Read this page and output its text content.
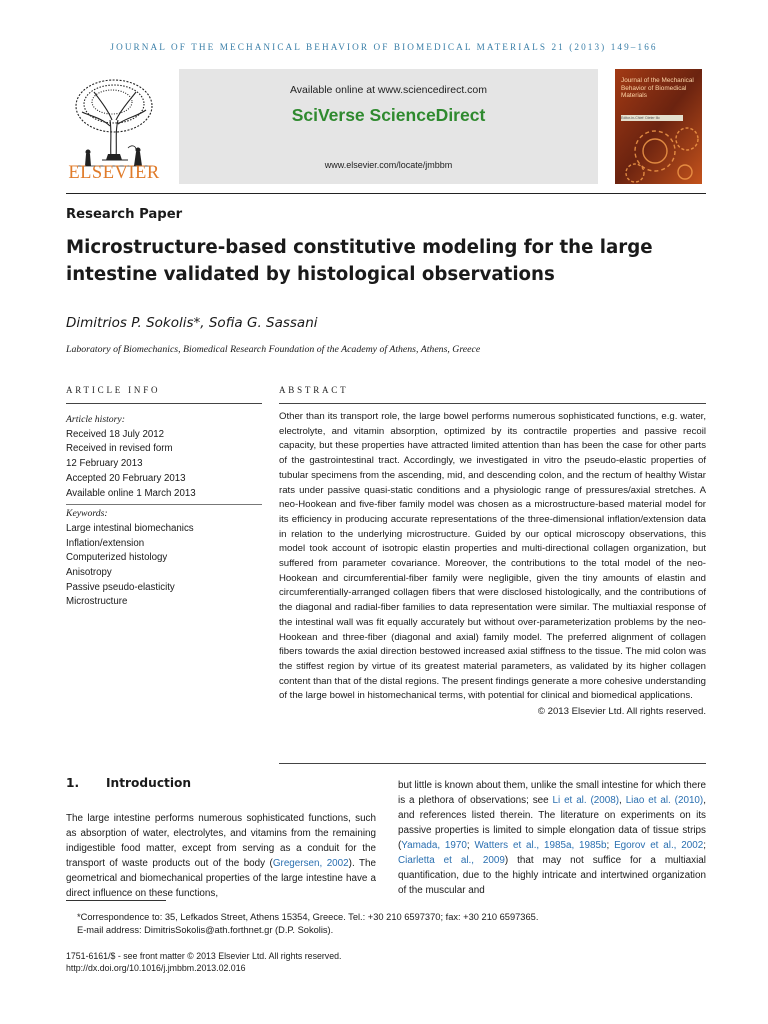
JOURNAL OF THE MECHANICAL BEHAVIOR OF BIOMEDICAL MATERIALS 21 (2013) 149–166
ELSEVIER
Available online at www.sciencedirect.com
SciVerse ScienceDirect
www.elsevier.com/locate/jmbbm
Journal of the Mechanical Behavior of Biomedical Materials
Editor-in-Chief: Dieter Ilic
Research Paper
Microstructure-based constitutive modeling for the large intestine validated by histological observations
Dimitrios P. Sokolis*, Sofia G. Sassani
Laboratory of Biomechanics, Biomedical Research Foundation of the Academy of Athens, Athens, Greece
ARTICLE INFO	ABSTRACT
Article history:
Received 18 July 2012
Received in revised form
12 February 2013
Accepted 20 February 2013
Available online 1 March 2013
Keywords:
Large intestinal biomechanics
Inflation/extension
Computerized histology
Anisotropy
Passive pseudo-elasticity
Microstructure
Other than its transport role, the large bowel performs numerous sophisticated functions, e.g. water, electrolyte, and vitamin absorption, optimized by its contractile properties and passive recoil capacity, but these properties have attracted limited attention than has been the case for other parts of the gastrointestinal tract. Accordingly, we investigated in vitro the pseudo-elastic properties of tubular specimens from the ascending, mid, and descending colon, and the rectum of healthy Wistar rats under passive quasi-static conditions and a physiologic range of pressures/axial stretches. A neo-Hookean and five-fiber family model was chosen as a microstructure-based material model for its efficiency in producing accurate representations of the three-dimensional inflation/extension data in relation to the underlying microstructure. Guided by our optical microscopy observations, this model took account of isotropic elastin properties and multi-directional collagen organization, but suffered from parameter covariance. Moreover, the contributions to the total model of the neo-Hookean and circumferential-fiber family were negligible, given the tiny amounts of elastin and circumferentially-arranged collagen fibers that were disclosed histologically, and the contributions of the diagonal and radial-fiber families to data representation were similar. The multiaxial response of the intestinal wall was fit equally accurately but without over-parameterization problems by the neo-Hookean and three-fiber (diagonal and axial) family model. The preferred alignment of collagen fibers towards the axial direction bestowed increased axial stiffness to the tissue. The mid colon was the stiffest region by virtue of its greatest material parameters, as validated by its higher collagen content than that of the distal regions. The present findings generate a more cohesive understanding of the large bowel in histomechanical terms, with potential for clinical and biomedical applications.
© 2013 Elsevier Ltd. All rights reserved.
1. Introduction
The large intestine performs numerous sophisticated functions, such as absorption of water, electrolytes, and vitamins from the remaining indigestible food matter, except from serving as a conduit for the transport of waste products out of the body (Gregersen, 2002). The geometrical and biomechanical properties of the large intestine have a direct influence on these functions,
but little is known about them, unlike the small intestine for which there is a plethora of observations; see Li et al. (2008), Liao et al. (2010), and references listed therein. The literature on experiments on its passive properties is limited to simple elongation data of tissue strips (Yamada, 1970; Watters et al., 1985a, 1985b; Egorov et al., 2002; Ciarletta et al., 2009) that may not suffice for a multiaxial quantification, due to the highly intricate and intertwined organization of the muscular and
*Correspondence to: 35, Lefkados Street, Athens 15354, Greece. Tel.: +30 210 6597370; fax: +30 210 6597365.
E-mail address: DimitrisSokolis@ath.forthnet.gr (D.P. Sokolis).
1751-6161/$ - see front matter © 2013 Elsevier Ltd. All rights reserved.
http://dx.doi.org/10.1016/j.jmbbm.2013.02.016
